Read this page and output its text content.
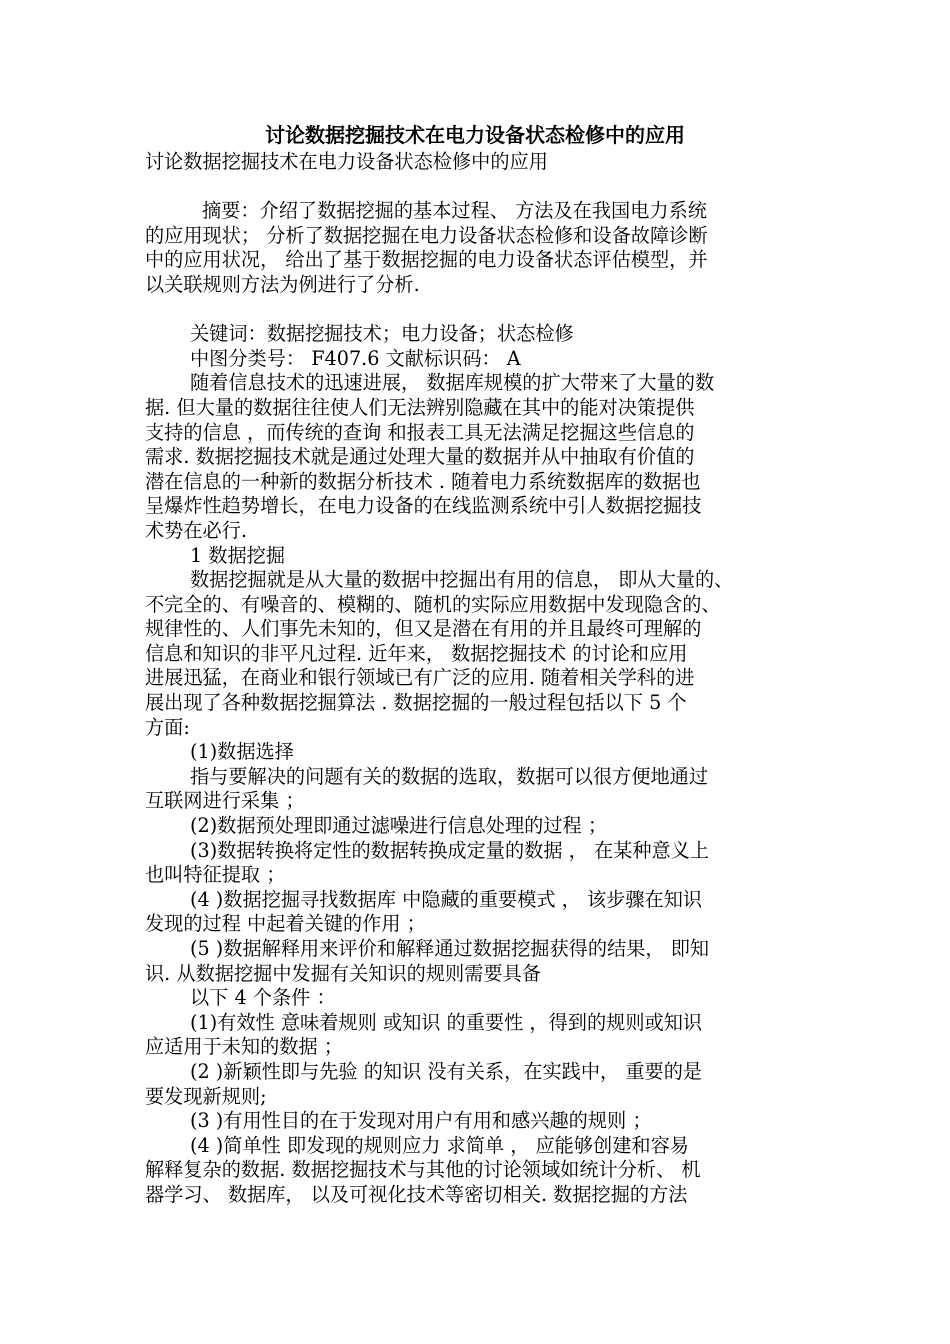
讨论数据挖掘技术在电力设备状态检修中的应用

讨论数据挖掘技术在电力设备状态检修中的应用

摘要：介绍了数据挖掘的基本过程、 方法及在我国电力系统

的应用现状； 分析了数据挖掘在电力设备状态检修和设备故障诊断

中的应用状况， 给出了基于数据挖掘的电力设备状态评估模型，并

以关联规则方法为例进行了分析.

关键词：数据挖掘技术；电力设备；状态检修

中图分类号： F407.6 文献标识码： A

随着信息技术的迅速进展， 数据库规模的扩大带来了大量的数

据. 但大量的数据往往使人们无法辨别隐藏在其中的能对决策提供

支持的信息 ，而传统的查询 和报表工具无法满足挖掘这些信息的

需求. 数据挖掘技术就是通过处理大量的数据并从中抽取有价值的

潜在信息的一种新的数据分析技术 . 随着电力系统数据库的数据也

呈爆炸性趋势增长，在电力设备的在线监测系统中引人数据挖掘技

术势在必行.

1 数据挖掘

数据挖掘就是从大量的数据中挖掘出有用的信息， 即从大量的、

不完全的、有噪音的、模糊的、随机的实际应用数据中发现隐含的、

规律性的、人们事先未知的，但又是潜在有用的并且最终可理解的

信息和知识的非平凡过程. 近年来， 数据挖掘技术 的讨论和应用

进展迅猛，在商业和银行领域已有广泛的应用. 随着相关学科的进

展出现了各种数据挖掘算法 . 数据挖掘的一般过程包括以下 5 个

方面:

(1)数据选择

指与要解决的问题有关的数据的选取，数据可以很方便地通过

互联网进行采集 ；

(2)数据预处理即通过滤噪进行信息处理的过程 ；

(3)数据转换将定性的数据转换成定量的数据 ， 在某种意义上

也叫特征提取 ；

(4 )数据挖掘寻找数据库 中隐藏的重要模式 ， 该步骤在知识

发现的过程 中起着关键的作用 ；

(5 )数据解释用来评价和解释通过数据挖掘获得的结果， 即知

识. 从数据挖掘中发掘有关知识的规则需要具备

以下 4 个条件 ：

(1)有效性 意味着规则 或知识 的重要性 ，得到的规则或知识

应适用于未知的数据 ；

(2 )新颖性即与先验 的知识 没有关系，在实践中， 重要的是

要发现新规则;

(3 )有用性目的在于发现对用户有用和感兴趣的规则 ；

(4 )简单性 即发现的规则应力 求简单 ， 应能够创建和容易

解释复杂的数据. 数据挖掘技术与其他的讨论领域如统计分析、 机

器学习、 数据库， 以及可视化技术等密切相关. 数据挖掘的方法
